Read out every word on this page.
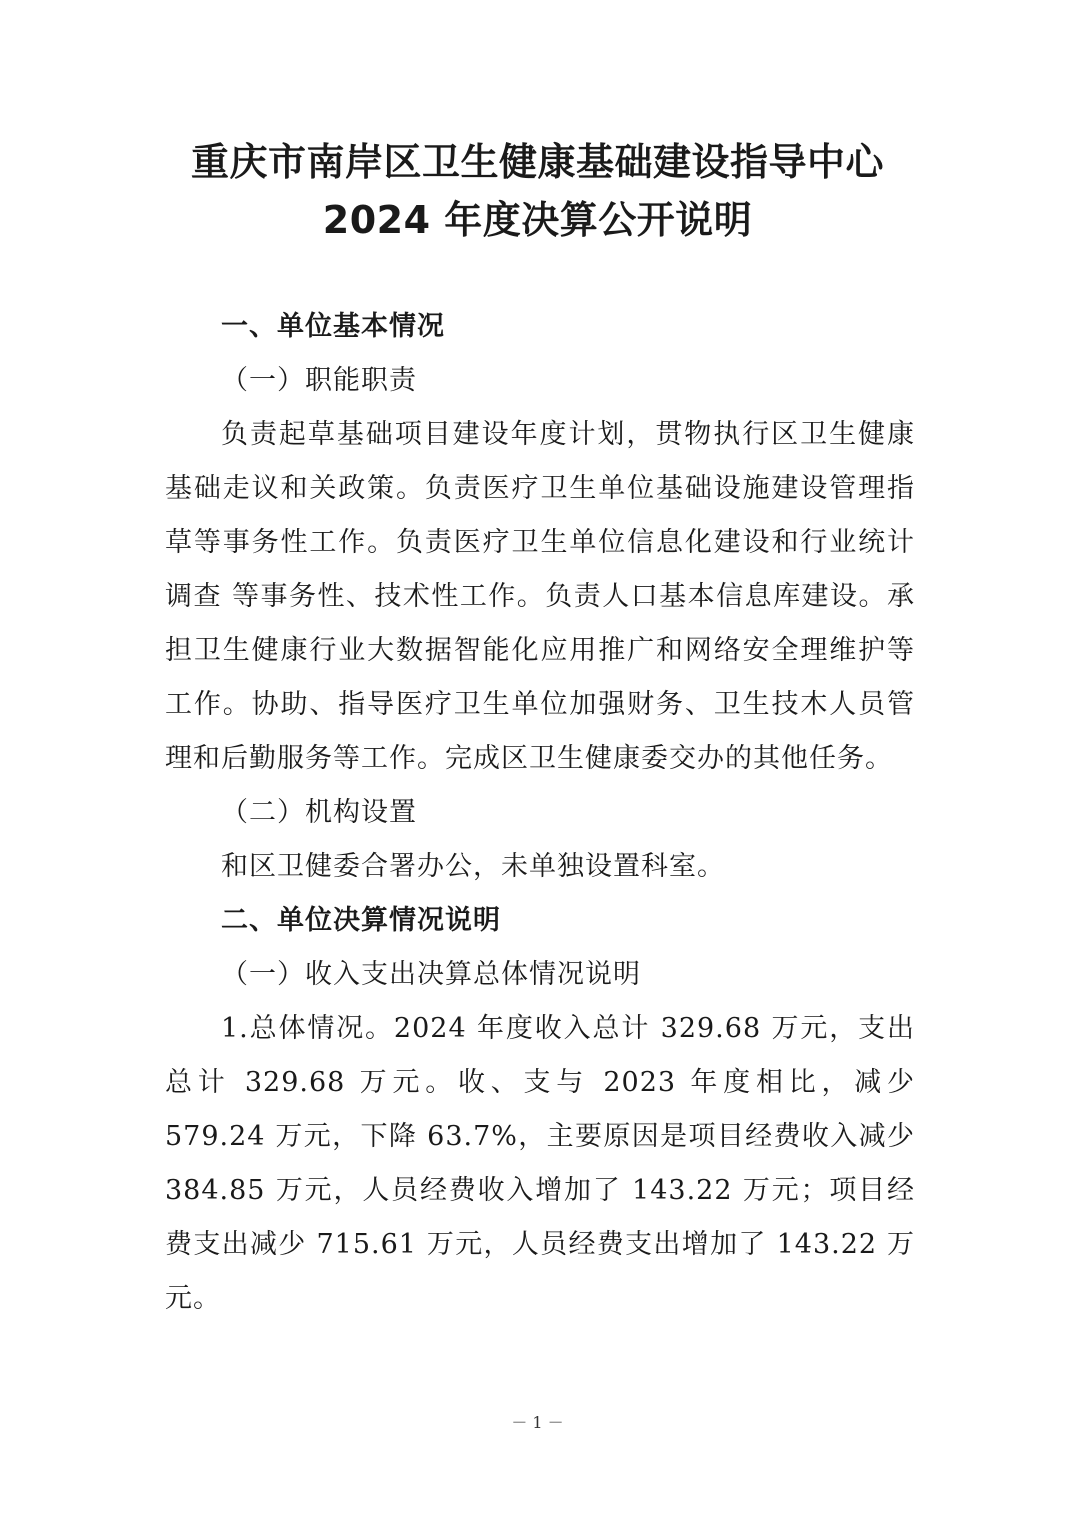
重庆市南岸区卫生健康基础建设指导中心
2024 年度决算公开说明

一、单位基本情况

（一）职能职责

负责起草基础项目建设年度计划，贯物执行区卫生健康基础走议和关政策。负责医疗卫生单位基础设施建设管理指草等事务性工作。负责医疗卫生单位信息化建设和行业统计调查 等事务性、技术性工作。负责人口基本信息库建设。承担卫生健康行业大数据智能化应用推广和网络安全理维护等工作。协助、指导医疗卫生单位加强财务、卫生技木人员管理和后勤服务等工作。完成区卫生健康委交办的其他任务。

（二）机构设置

和区卫健委合署办公，未单独设置科室。

二、单位决算情况说明

（一）收入支出决算总体情况说明

1.总体情况。2024 年度收入总计 329.68 万元，支出总计 329.68 万元。收、支与 2023 年度相比，减少 579.24 万元，下降 63.7%，主要原因是项目经费收入减少 384.85 万元，人员经费收入增加了 143.22 万元；项目经费支出减少 715.61 万元，人员经费支出增加了 143.22 万元。

－ 1 －
